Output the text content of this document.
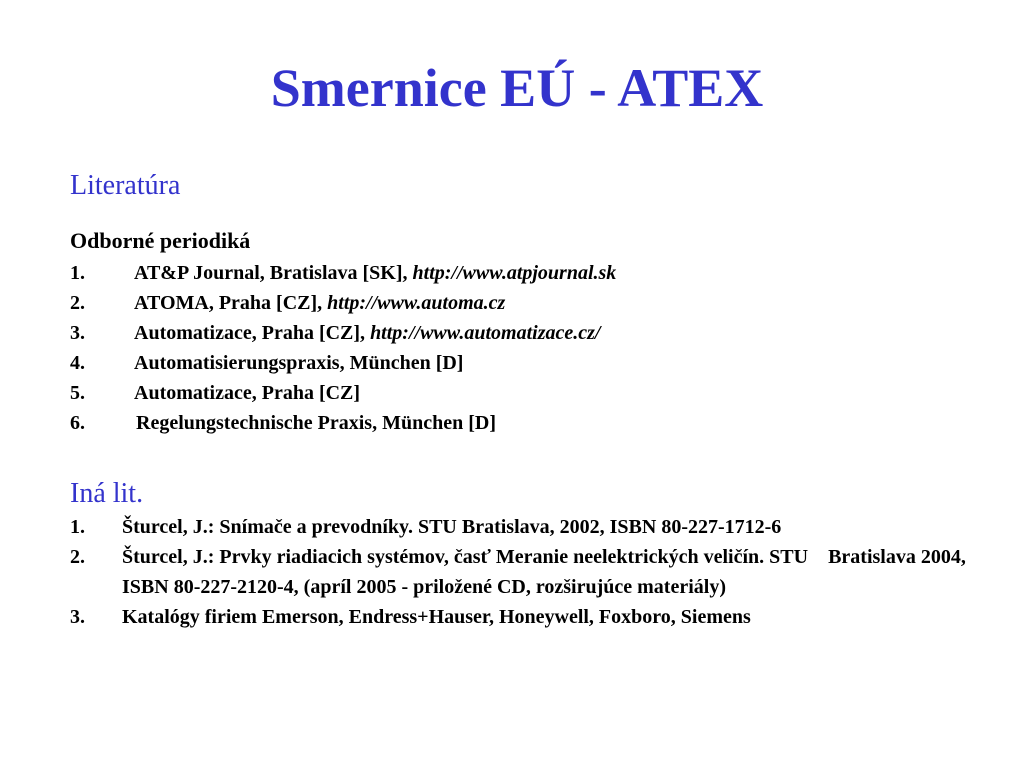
Smernice EÚ - ATEX
Literatúra
Odborné periodiká
1. AT&P Journal, Bratislava [SK], http://www.atpjournal.sk
2. ATOMA, Praha [CZ], http://www.automa.cz
3. Automatizace, Praha [CZ], http://www.automatizace.cz/
4. Automatisierungspraxis, München [D]
5. Automatizace, Praha [CZ]
6.	Regelungstechnische Praxis, München [D]
Iná lit.
1. Šturcel, J.: Snímače a prevodníky. STU Bratislava, 2002, ISBN 80-227-1712-6
2. Šturcel, J.: Prvky riadiacich systémov, časť Meranie neelektrických veličín. STU    Bratislava 2004, ISBN 80-227-2120-4, (apríl 2005 - priložené CD, rozširujúce materiály)
3. Katalógy firiem Emerson, Endress+Hauser, Honeywell, Foxboro, Siemens
